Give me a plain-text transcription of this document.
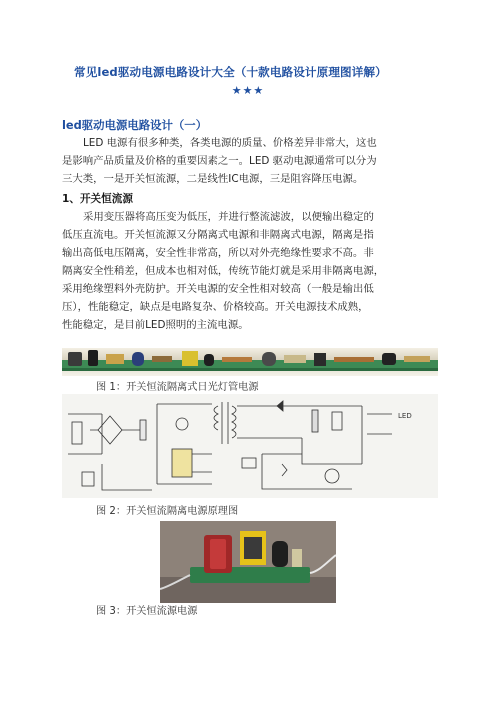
常见led驱动电源电路设计大全（十款电路设计原理图详解）
★★★
led驱动电源电路设计（一）
LED 电源有很多种类，各类电源的质量、价格差异非常大，这也
是影响产品质量及价格的重要因素之一。LED 驱动电源通常可以分为
三大类，一是开关恒流源，二是线性IC电源，三是阻容降压电源。
1、开关恒流源
采用变压器将高压变为低压，并进行整流滤波，以便输出稳定的
低压直流电。开关恒流源又分隔离式电源和非隔离式电源，隔离是指
输出高低电压隔离，安全性非常高，所以对外壳绝缘性要求不高。非
隔离安全性稍差，但成本也相对低，传统节能灯就是采用非隔离电源，
采用绝缘塑料外壳防护。开关电源的安全性相对较高（一般是输出低
压），性能稳定，缺点是电路复杂、价格较高。开关电源技术成熟，
性能稳定，是目前LED照明的主流电源。
图 1：开关恒流隔离式日光灯管电源
LED
图 2：开关恒流隔离电源原理图
图 3：开关恒流源电源
